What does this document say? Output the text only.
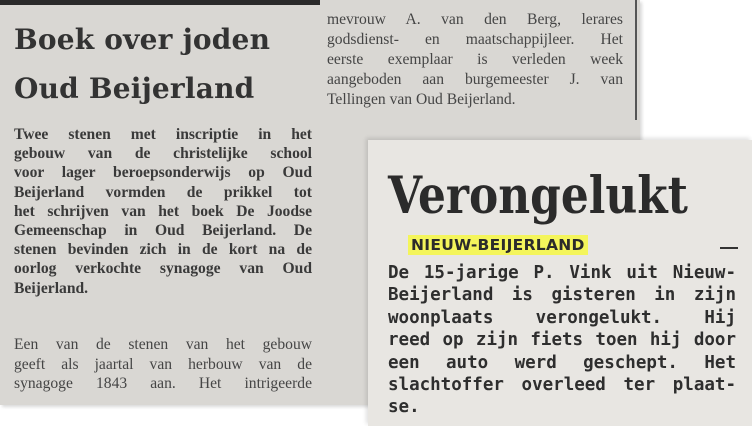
Boek over joden
Oud Beijerland
Twee stenen met inscriptie in het
gebouw van de christelijke school
voor lager beroepsonderwijs op Oud
Beijerland vormden de prikkel tot
het schrijven van het boek De Joodse
Gemeenschap in Oud Beijerland. De
stenen bevinden zich in de kort na de
oorlog verkochte synagoge van Oud
Beijerland.
Een van de stenen van het gebouw
geeft als jaartal van herbouw van de
synagoge 1843 aan. Het intrigeerde
mevrouw A. van den Berg, lerares
godsdienst- en maatschappijleer. Het
eerste exemplaar is verleden week
aangeboden aan burgemeester J. van
Tellingen van Oud Beijerland.
Verongelukt
NIEUW-BEIJERLAND
De 15-jarige P. Vink uit Nieuw-
Beijerland is gisteren in zijn
woonplaats verongelukt. Hij
reed op zijn fiets toen hij door
een auto werd geschept. Het
slachtoffer overleed ter plaat-
se.
